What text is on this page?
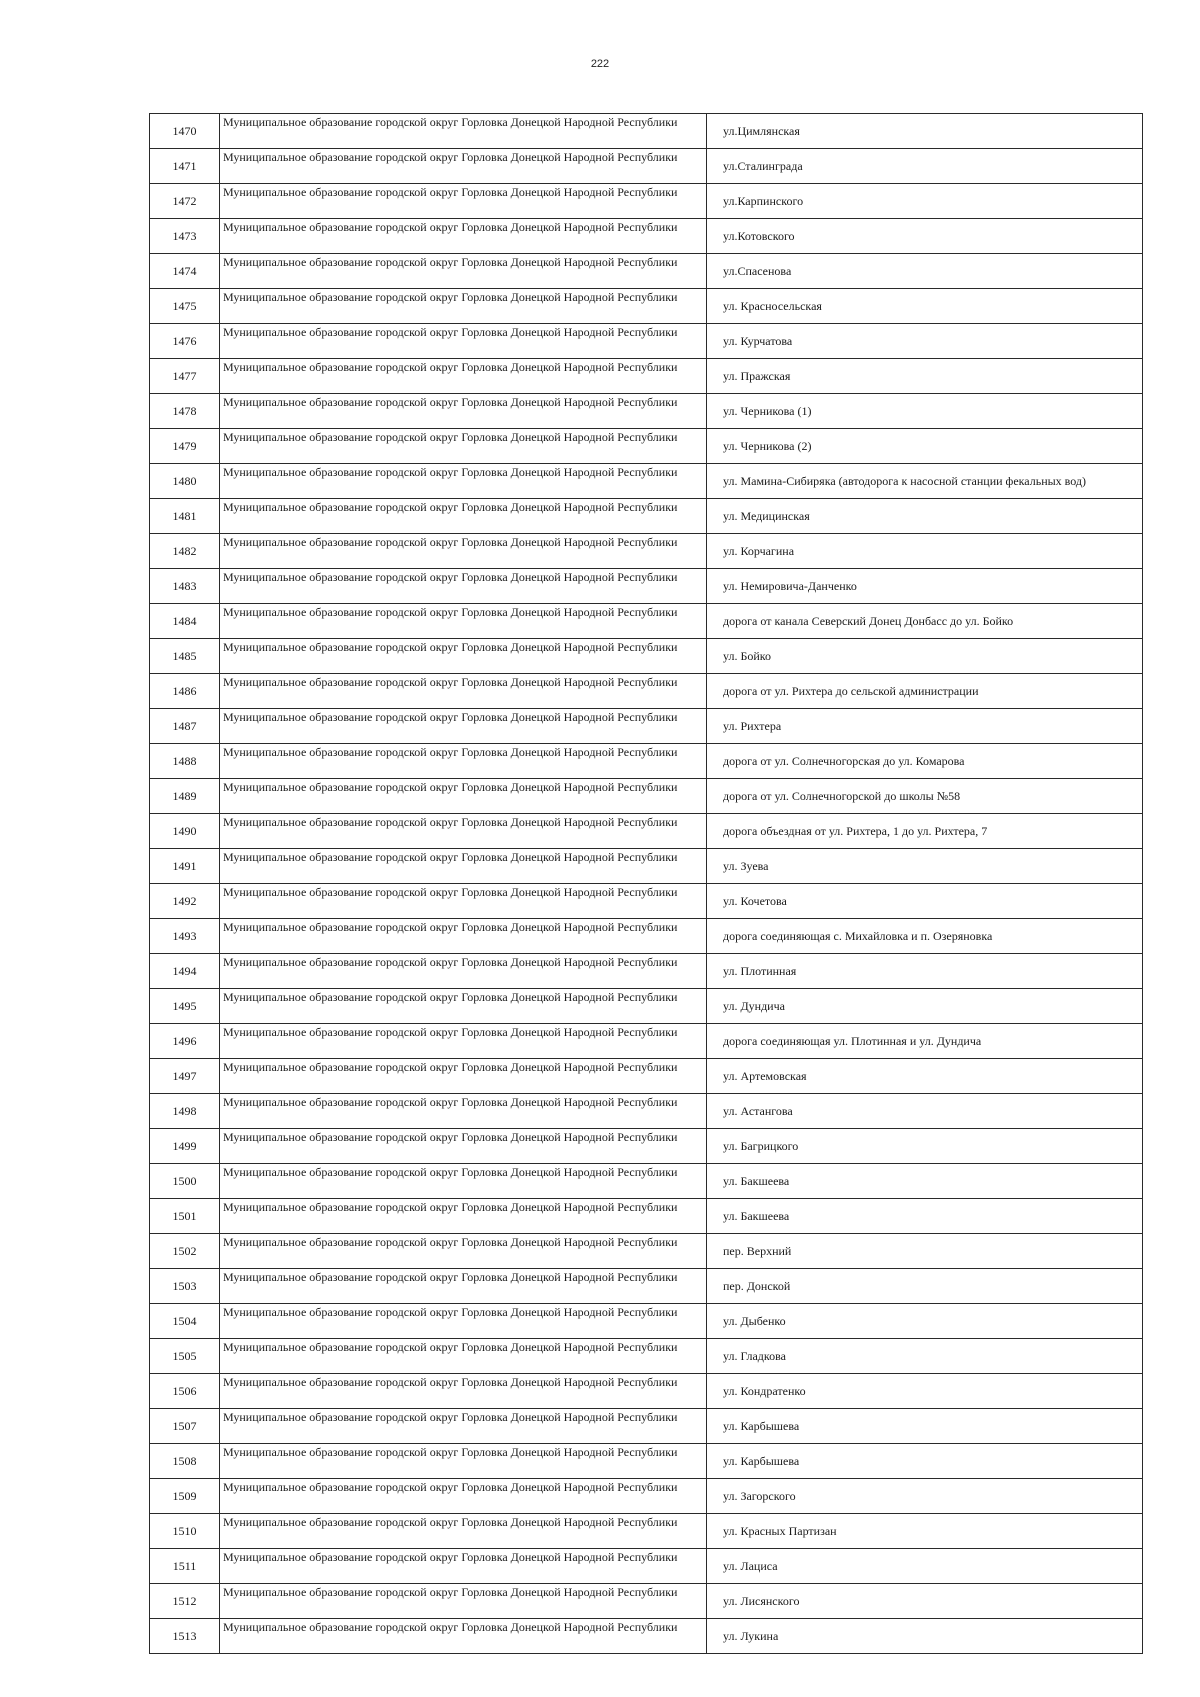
222
1470	Муниципальное образование городской округ Горловка Донецкой Народной Республики	ул.Цимлянская
1471	Муниципальное образование городской округ Горловка Донецкой Народной Республики	ул.Сталинграда
1472	Муниципальное образование городской округ Горловка Донецкой Народной Республики	ул.Карпинского
1473	Муниципальное образование городской округ Горловка Донецкой Народной Республики	ул.Котовского
1474	Муниципальное образование городской округ Горловка Донецкой Народной Республики	ул.Спасенова
1475	Муниципальное образование городской округ Горловка Донецкой Народной Республики	ул. Красносельская
1476	Муниципальное образование городской округ Горловка Донецкой Народной Республики	ул. Курчатова
1477	Муниципальное образование городской округ Горловка Донецкой Народной Республики	ул. Пражская
1478	Муниципальное образование городской округ Горловка Донецкой Народной Республики	ул. Черникова (1)
1479	Муниципальное образование городской округ Горловка Донецкой Народной Республики	ул. Черникова (2)
1480	Муниципальное образование городской округ Горловка Донецкой Народной Республики	ул. Мамина-Сибиряка (автодорога к насосной станции фекальных вод)
1481	Муниципальное образование городской округ Горловка Донецкой Народной Республики	ул. Медицинская
1482	Муниципальное образование городской округ Горловка Донецкой Народной Республики	ул. Корчагина
1483	Муниципальное образование городской округ Горловка Донецкой Народной Республики	ул. Немировича-Данченко
1484	Муниципальное образование городской округ Горловка Донецкой Народной Республики	дорога от канала Северский Донец Донбасс до ул. Бойко
1485	Муниципальное образование городской округ Горловка Донецкой Народной Республики	ул. Бойко
1486	Муниципальное образование городской округ Горловка Донецкой Народной Республики	дорога от ул. Рихтера до сельской администрации
1487	Муниципальное образование городской округ Горловка Донецкой Народной Республики	ул. Рихтера
1488	Муниципальное образование городской округ Горловка Донецкой Народной Республики	дорога от ул. Солнечногорская до ул. Комарова
1489	Муниципальное образование городской округ Горловка Донецкой Народной Республики	дорога от ул. Солнечногорской до школы №58
1490	Муниципальное образование городской округ Горловка Донецкой Народной Республики	дорога объездная от ул. Рихтера, 1 до ул. Рихтера, 7
1491	Муниципальное образование городской округ Горловка Донецкой Народной Республики	ул. Зуева
1492	Муниципальное образование городской округ Горловка Донецкой Народной Республики	ул. Кочетова
1493	Муниципальное образование городской округ Горловка Донецкой Народной Республики	дорога соединяющая с. Михайловка и п. Озеряновка
1494	Муниципальное образование городской округ Горловка Донецкой Народной Республики	ул. Плотинная
1495	Муниципальное образование городской округ Горловка Донецкой Народной Республики	ул. Дундича
1496	Муниципальное образование городской округ Горловка Донецкой Народной Республики	дорога соединяющая ул. Плотинная и ул. Дундича
1497	Муниципальное образование городской округ Горловка Донецкой Народной Республики	ул. Артемовская
1498	Муниципальное образование городской округ Горловка Донецкой Народной Республики	ул. Астангова
1499	Муниципальное образование городской округ Горловка Донецкой Народной Республики	ул. Багрицкого
1500	Муниципальное образование городской округ Горловка Донецкой Народной Республики	ул. Бакшеева
1501	Муниципальное образование городской округ Горловка Донецкой Народной Республики	ул. Бакшеева
1502	Муниципальное образование городской округ Горловка Донецкой Народной Республики	пер. Верхний
1503	Муниципальное образование городской округ Горловка Донецкой Народной Республики	пер. Донской
1504	Муниципальное образование городской округ Горловка Донецкой Народной Республики	ул. Дыбенко
1505	Муниципальное образование городской округ Горловка Донецкой Народной Республики	ул. Гладкова
1506	Муниципальное образование городской округ Горловка Донецкой Народной Республики	ул. Кондратенко
1507	Муниципальное образование городской округ Горловка Донецкой Народной Республики	ул. Карбышева
1508	Муниципальное образование городской округ Горловка Донецкой Народной Республики	ул. Карбышева
1509	Муниципальное образование городской округ Горловка Донецкой Народной Республики	ул. Загорского
1510	Муниципальное образование городской округ Горловка Донецкой Народной Республики	ул. Красных Партизан
1511	Муниципальное образование городской округ Горловка Донецкой Народной Республики	ул. Лациса
1512	Муниципальное образование городской округ Горловка Донецкой Народной Республики	ул. Лисянского
1513	Муниципальное образование городской округ Горловка Донецкой Народной Республики	ул. Лукина
